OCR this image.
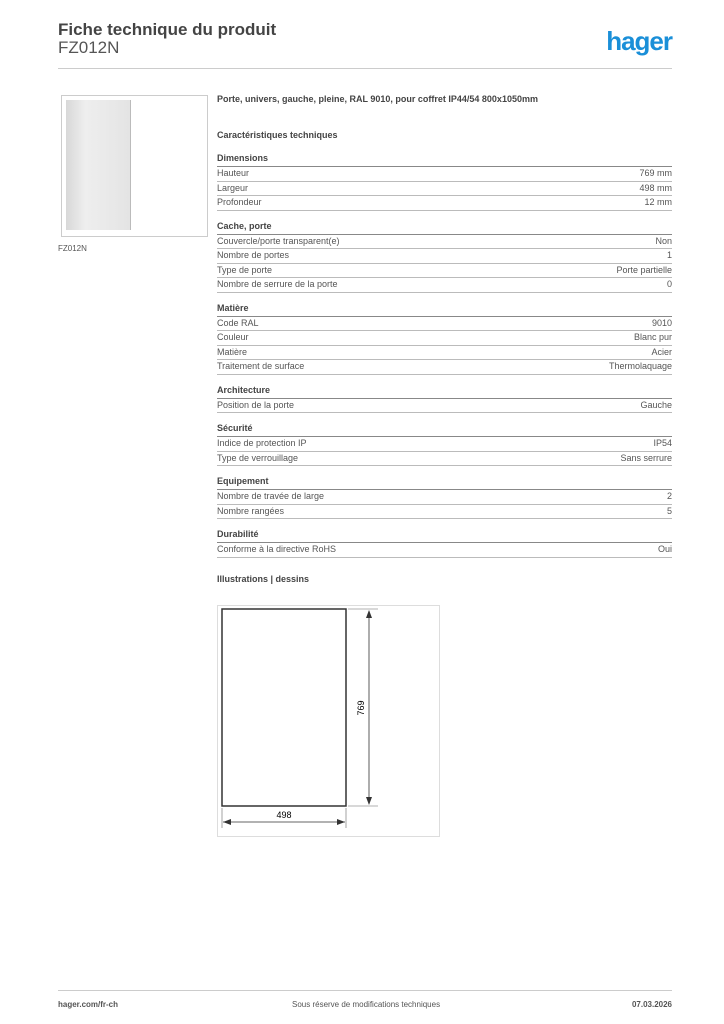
Fiche technique du produit
FZ012N	hager
FZ012N
Porte, univers, gauche, pleine, RAL 9010, pour coffret IP44/54 800x1050mm
Caractéristiques techniques
Dimensions
Hauteur	769 mm
Largeur	498 mm
Profondeur	12 mm
Cache, porte
Couvercle/porte transparent(e)	Non
Nombre de portes	1
Type de porte	Porte partielle
Nombre de serrure de la porte	0
Matière
Code RAL	9010
Couleur	Blanc pur
Matière	Acier
Traitement de surface	Thermolaquage
Architecture
Position de la porte	Gauche
Sécurité
Indice de protection IP	IP54
Type de verrouillage	Sans serrure
Equipement
Nombre de travée de large	2
Nombre rangées	5
Durabilité
Conforme à la directive RoHS	Oui
Illustrations | dessins
498
769
hager.com/fr-ch	Sous réserve de modifications techniques	07.03.2026
